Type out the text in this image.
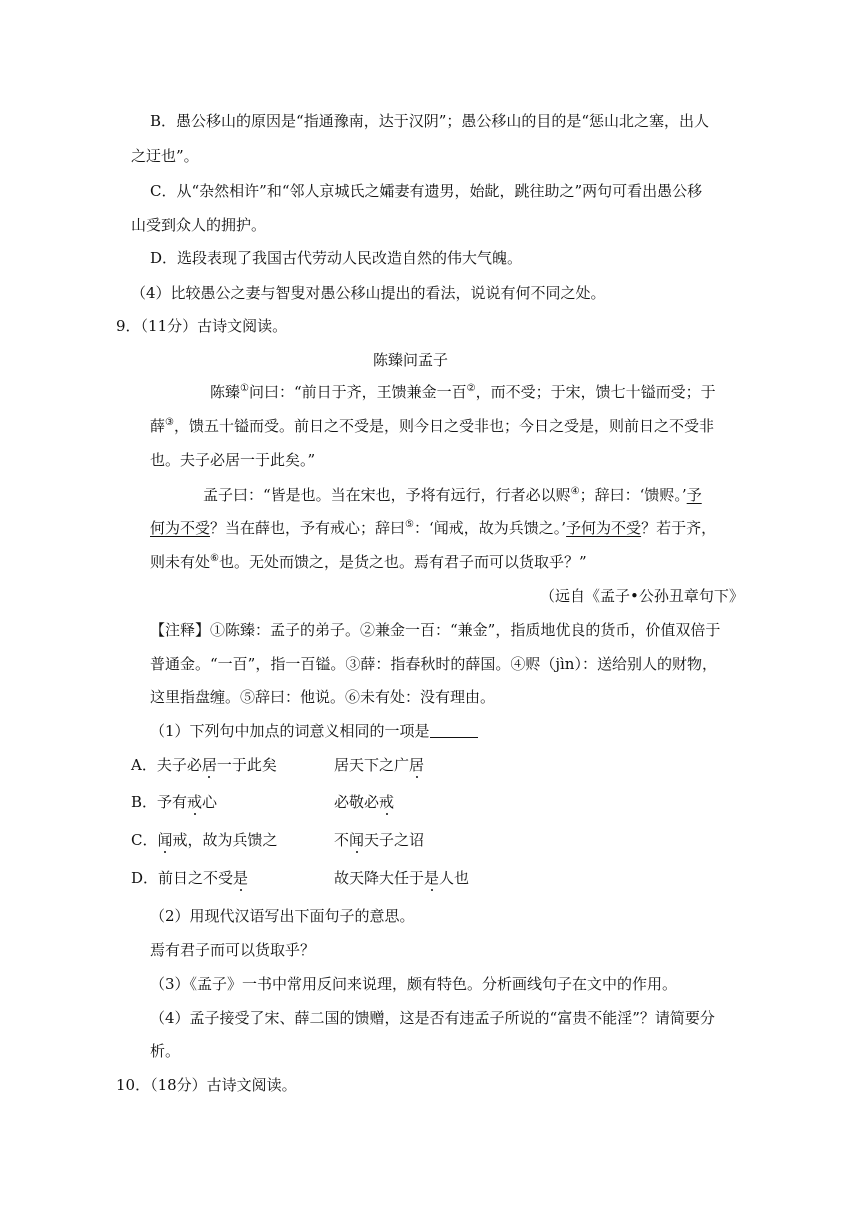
B．愚公移山的原因是“指通豫南，达于汉阴”；愚公移山的目的是“惩山北之塞，出人
之迂也”。
C．从“杂然相许”和“邻人京城氏之孀妻有遗男，始龀，跳往助之”两句可看出愚公移
山受到众人的拥护。
D．选段表现了我国古代劳动人民改造自然的伟大气魄。
（4）比较愚公之妻与智叟对愚公移山提出的看法，说说有何不同之处。
9．（11分）古诗文阅读。
陈臻问孟子
陈臻①问曰：“前日于齐，王馈兼金一百②，而不受；于宋，馈七十镒而受；于
薛③，馈五十镒而受。前日之不受是，则今日之受非也；今日之受是，则前日之不受非
也。夫子必居一于此矣。”
孟子曰：“皆是也。当在宋也，予将有远行，行者必以赆④；辞曰：‘馈赆。’予
何为不受？当在薛也，予有戒心；辞曰⑤：‘闻戒，故为兵馈之。’予何为不受？若于齐，
则未有处⑥也。无处而馈之，是货之也。焉有君子而可以货取乎？”
（远自《孟子•公孙丑章句下》
【注释】①陈臻：孟子的弟子。②兼金一百：“兼金”，指质地优良的货币，价值双倍于
普通金。“一百”，指一百镒。③薛：指春秋时的薛国。④赆（jìn）：送给别人的财物，
这里指盘缠。⑤辞曰：他说。⑥未有处：没有理由。
（1）下列句中加点的词意义相同的一项是
A．夫子必居一于此矣	居天下之广居
B．予有戒心	必敬必戒
C．闻戒，故为兵馈之	不闻天子之诏
D．前日之不受是	故天降大任于是人也
（2）用现代汉语写出下面句子的意思。
焉有君子而可以货取乎？
（3）《孟子》一书中常用反问来说理，颇有特色。分析画线句子在文中的作用。
（4）孟子接受了宋、薛二国的馈赠，这是否有违孟子所说的“富贵不能淫”？请简要分
析。
10．（18分）古诗文阅读。
